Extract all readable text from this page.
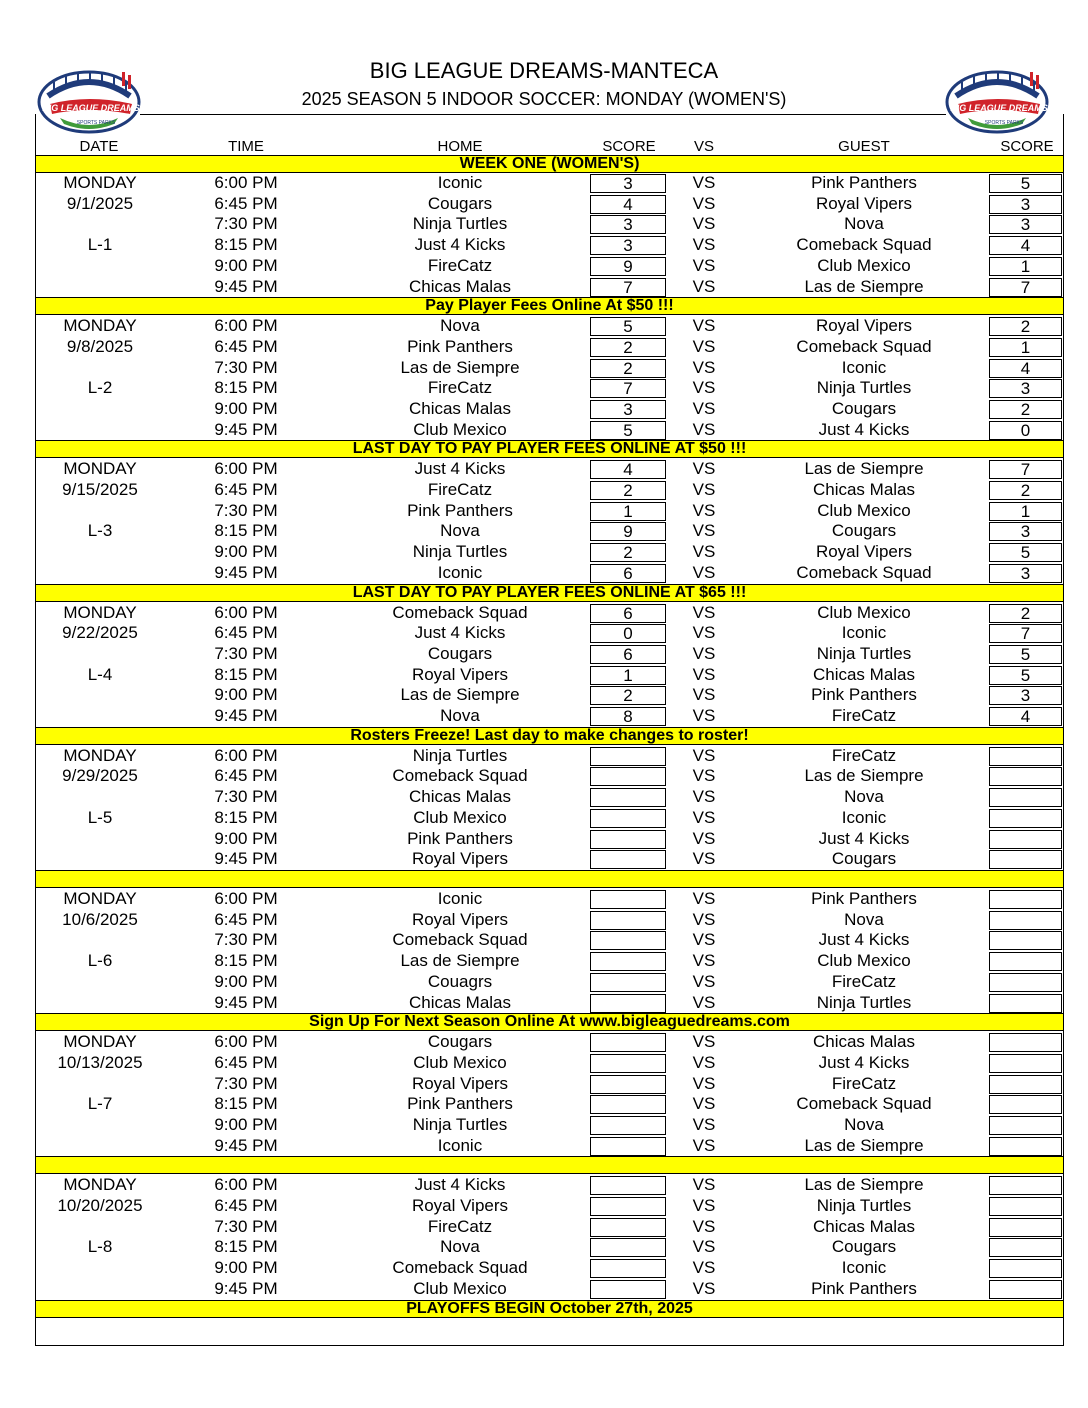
BIG LEAGUE DREAMS
SPORTS PARKS
BIG LEAGUE DREAMS
SPORTS PARKS
BIG LEAGUE DREAMS-MANTECA
2025 SEASON 5 INDOOR SOCCER: MONDAY (WOMEN'S)
DATE	TIME	HOME	SCORE	VS	GUEST	SCORE
WEEK ONE (WOMEN'S)
MONDAY
9/1/2025
L-1
6:00 PM	Iconic	3	VS	Pink Panthers	5
6:45 PM	Cougars	4	VS	Royal Vipers	3
7:30 PM	Ninja Turtles	3	VS	Nova	3
8:15 PM	Just 4 Kicks	3	VS	Comeback Squad	4
9:00 PM	FireCatz	9	VS	Club Mexico	1
9:45 PM	Chicas Malas	7	VS	Las de Siempre	7
Pay Player Fees Online At $50 !!!
MONDAY
9/8/2025
L-2
6:00 PM	Nova	5	VS	Royal Vipers	2
6:45 PM	Pink Panthers	2	VS	Comeback Squad	1
7:30 PM	Las de Siempre	2	VS	Iconic	4
8:15 PM	FireCatz	7	VS	Ninja Turtles	3
9:00 PM	Chicas Malas	3	VS	Cougars	2
9:45 PM	Club Mexico	5	VS	Just 4 Kicks	0
LAST DAY TO PAY PLAYER FEES ONLINE AT $50 !!!
MONDAY
9/15/2025
L-3
6:00 PM	Just 4 Kicks	4	VS	Las de Siempre	7
6:45 PM	FireCatz	2	VS	Chicas Malas	2
7:30 PM	Pink Panthers	1	VS	Club Mexico	1
8:15 PM	Nova	9	VS	Cougars	3
9:00 PM	Ninja Turtles	2	VS	Royal Vipers	5
9:45 PM	Iconic	6	VS	Comeback Squad	3
LAST DAY TO PAY PLAYER FEES ONLINE AT $65 !!!
MONDAY
9/22/2025
L-4
6:00 PM	Comeback Squad	6	VS	Club Mexico	2
6:45 PM	Just 4 Kicks	0	VS	Iconic	7
7:30 PM	Cougars	6	VS	Ninja Turtles	5
8:15 PM	Royal Vipers	1	VS	Chicas Malas	5
9:00 PM	Las de Siempre	2	VS	Pink Panthers	3
9:45 PM	Nova	8	VS	FireCatz	4
Rosters Freeze! Last day to make changes to roster!
MONDAY
9/29/2025
L-5
6:00 PM	Ninja Turtles	VS	FireCatz
6:45 PM	Comeback Squad	VS	Las de Siempre
7:30 PM	Chicas Malas	VS	Nova
8:15 PM	Club Mexico	VS	Iconic
9:00 PM	Pink Panthers	VS	Just 4 Kicks
9:45 PM	Royal Vipers	VS	Cougars
MONDAY
10/6/2025
L-6
6:00 PM	Iconic	VS	Pink Panthers
6:45 PM	Royal Vipers	VS	Nova
7:30 PM	Comeback Squad	VS	Just 4 Kicks
8:15 PM	Las de Siempre	VS	Club Mexico
9:00 PM	Couagrs	VS	FireCatz
9:45 PM	Chicas Malas	VS	Ninja Turtles
Sign Up For Next Season Online At www.bigleaguedreams.com
MONDAY
10/13/2025
L-7
6:00 PM	Cougars	VS	Chicas Malas
6:45 PM	Club Mexico	VS	Just 4 Kicks
7:30 PM	Royal Vipers	VS	FireCatz
8:15 PM	Pink Panthers	VS	Comeback Squad
9:00 PM	Ninja Turtles	VS	Nova
9:45 PM	Iconic	VS	Las de Siempre
MONDAY
10/20/2025
L-8
6:00 PM	Just 4 Kicks	VS	Las de Siempre
6:45 PM	Royal Vipers	VS	Ninja Turtles
7:30 PM	FireCatz	VS	Chicas Malas
8:15 PM	Nova	VS	Cougars
9:00 PM	Comeback Squad	VS	Iconic
9:45 PM	Club Mexico	VS	Pink Panthers
PLAYOFFS BEGIN October 27th, 2025
